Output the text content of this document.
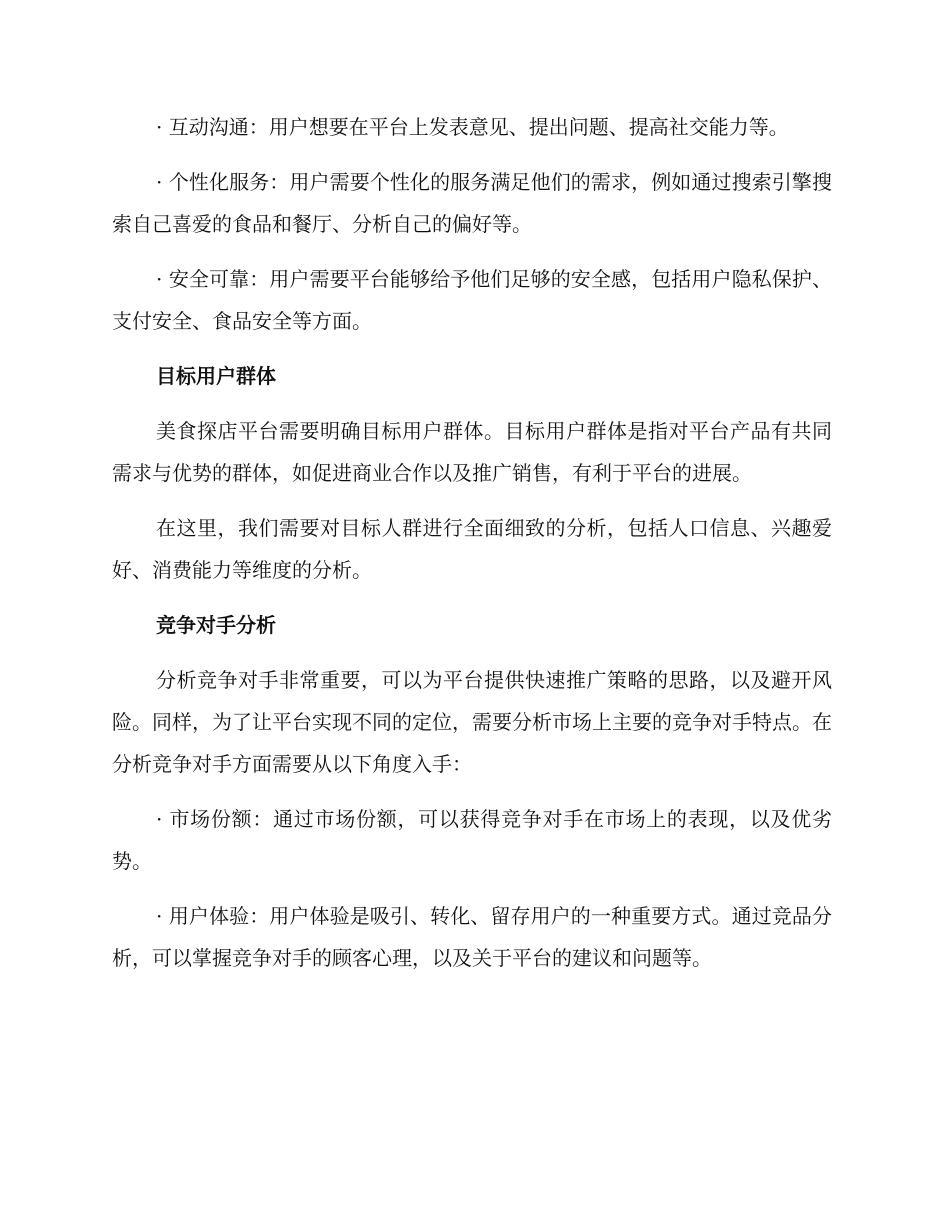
· 互动沟通：用户想要在平台上发表意见、提出问题、提高社交能力等。

· 个性化服务：用户需要个性化的服务满足他们的需求，例如通过搜索引擎搜索自己喜爱的食品和餐厅、分析自己的偏好等。

· 安全可靠：用户需要平台能够给予他们足够的安全感，包括用户隐私保护、支付安全、食品安全等方面。

目标用户群体

美食探店平台需要明确目标用户群体。目标用户群体是指对平台产品有共同需求与优势的群体，如促进商业合作以及推广销售，有利于平台的进展。

在这里，我们需要对目标人群进行全面细致的分析，包括人口信息、兴趣爱好、消费能力等维度的分析。

竞争对手分析

分析竞争对手非常重要，可以为平台提供快速推广策略的思路，以及避开风险。同样，为了让平台实现不同的定位，需要分析市场上主要的竞争对手特点。在分析竞争对手方面需要从以下角度入手：

· 市场份额：通过市场份额，可以获得竞争对手在市场上的表现，以及优劣势。

· 用户体验：用户体验是吸引、转化、留存用户的一种重要方式。通过竞品分析，可以掌握竞争对手的顾客心理，以及关于平台的建议和问题等。
